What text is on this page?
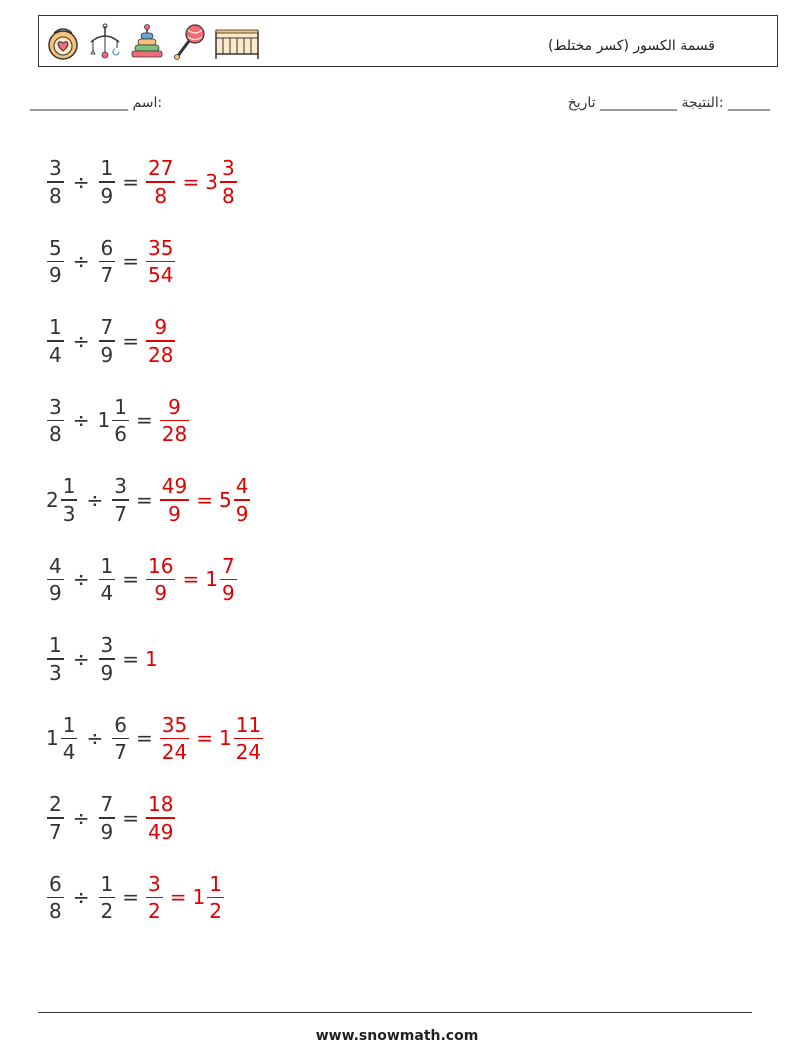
قسمة الكسور (كسر مختلط)
______________ اسم:	النتيجة ___________ تاريخ: ______
$\frac{3}{8} \div \frac{1}{9} = \frac{27}{8} = 3 \frac{3}{8}$
$\frac{5}{9} \div \frac{6}{7} = \frac{35}{54}$
$\frac{1}{4} \div \frac{7}{9} = \frac{9}{28}$
$\frac{3}{8} \div 1 \frac{1}{6} = \frac{9}{28}$
$2 \frac{1}{3} \div \frac{3}{7} = \frac{49}{9} = 5 \frac{4}{9}$
$\frac{4}{9} \div \frac{1}{4} = \frac{16}{9} = 1 \frac{7}{9}$
$\frac{1}{3} \div \frac{3}{9} = 1$
$1 \frac{1}{4} \div \frac{6}{7} = \frac{35}{24} = 1 \frac{11}{24}$
$\frac{2}{7} \div \frac{7}{9} = \frac{18}{49}$
$\frac{6}{8} \div \frac{1}{2} = \frac{3}{2} = 1 \frac{1}{2}$
www.snowmath.com
